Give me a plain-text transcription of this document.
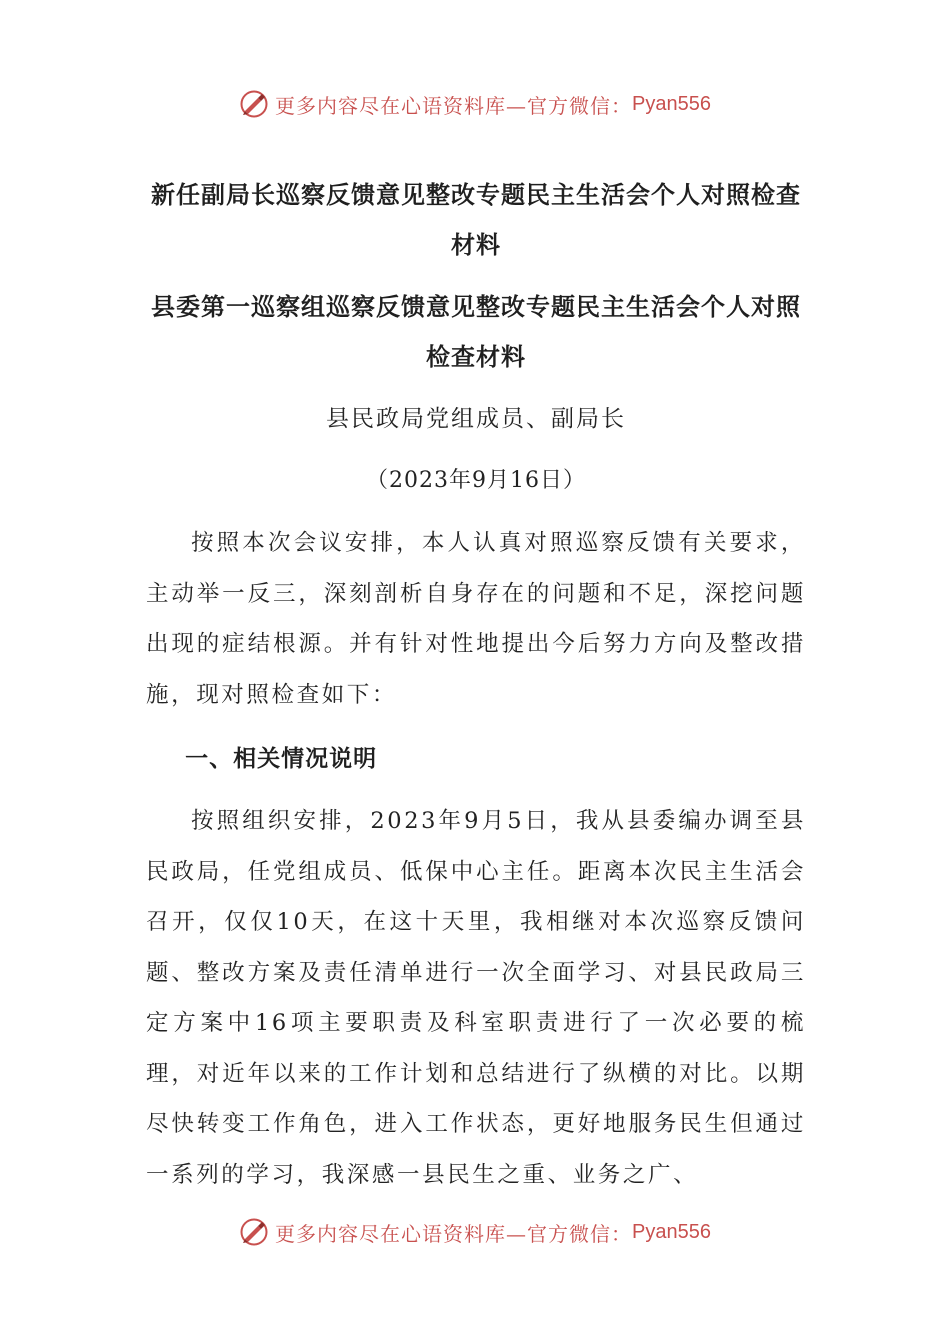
更多内容尽在心语资料库—官方微信： Pyan556
新任副局长巡察反馈意见整改专题民主生活会个人对照检查材料
县委第一巡察组巡察反馈意见整改专题民主生活会个人对照检查材料
县民政局党组成员、副局长
（2023年9月16日）

按照本次会议安排，本人认真对照巡察反馈有关要求，主动举一反三，深刻剖析自身存在的问题和不足，深挖问题出现的症结根源。并有针对性地提出今后努力方向及整改措施，现对照检查如下：

一、相关情况说明

按照组织安排，2023年9月5日，我从县委编办调至县民政局，任党组成员、低保中心主任。距离本次民主生活会召开，仅仅10天，在这十天里，我相继对本次巡察反馈问题、整改方案及责任清单进行一次全面学习、对县民政局三定方案中16项主要职责及科室职责进行了一次必要的梳理，对近年以来的工作计划和总结进行了纵横的对比。以期尽快转变工作角色，进入工作状态，更好地服务民生但通过一系列的学习，我深感一县民生之重、业务之广、

更多内容尽在心语资料库—官方微信： Pyan556
